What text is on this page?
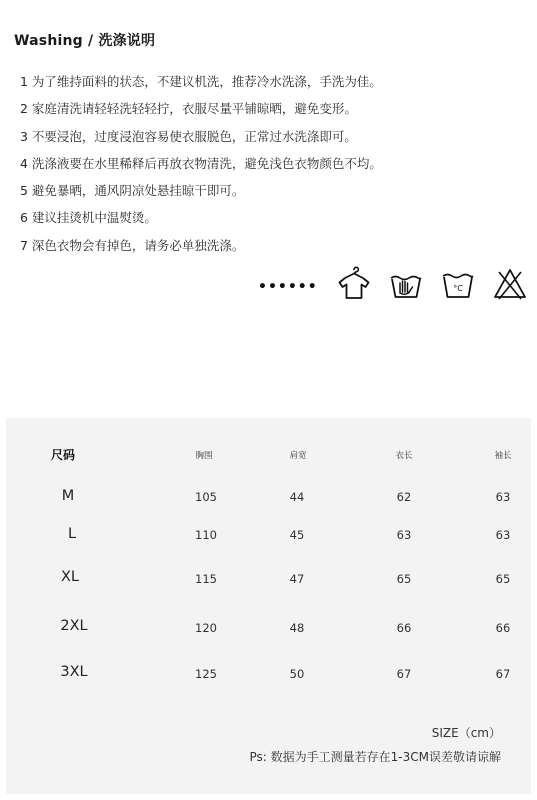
Washing / 洗涤说明
1 为了维持面料的状态，不建议机洗，推荐冷水洗涤，手洗为佳。
2 家庭清洗请轻轻洗轻轻拧，衣服尽量平铺晾晒，避免变形。
3 不要浸泡，过度浸泡容易使衣服脱色，正常过水洗涤即可。
4 洗涤液要在水里稀释后再放衣物清洗，避免浅色衣物颜色不均。
5 避免暴晒，通风阴凉处悬挂晾干即可。
6 建议挂烫机中温熨烫。
7 深色衣物会有掉色，请务必单独洗涤。
••••••	°C
尺码	胸围	肩宽	衣长	袖长
M	105	44	62	63
L	110	45	63	63
XL	115	47	65	65
2XL	120	48	66	66
3XL	125	50	67	67
SIZE（cm）
Ps: 数据为手工测量若存在1-3CM误差敬请谅解
